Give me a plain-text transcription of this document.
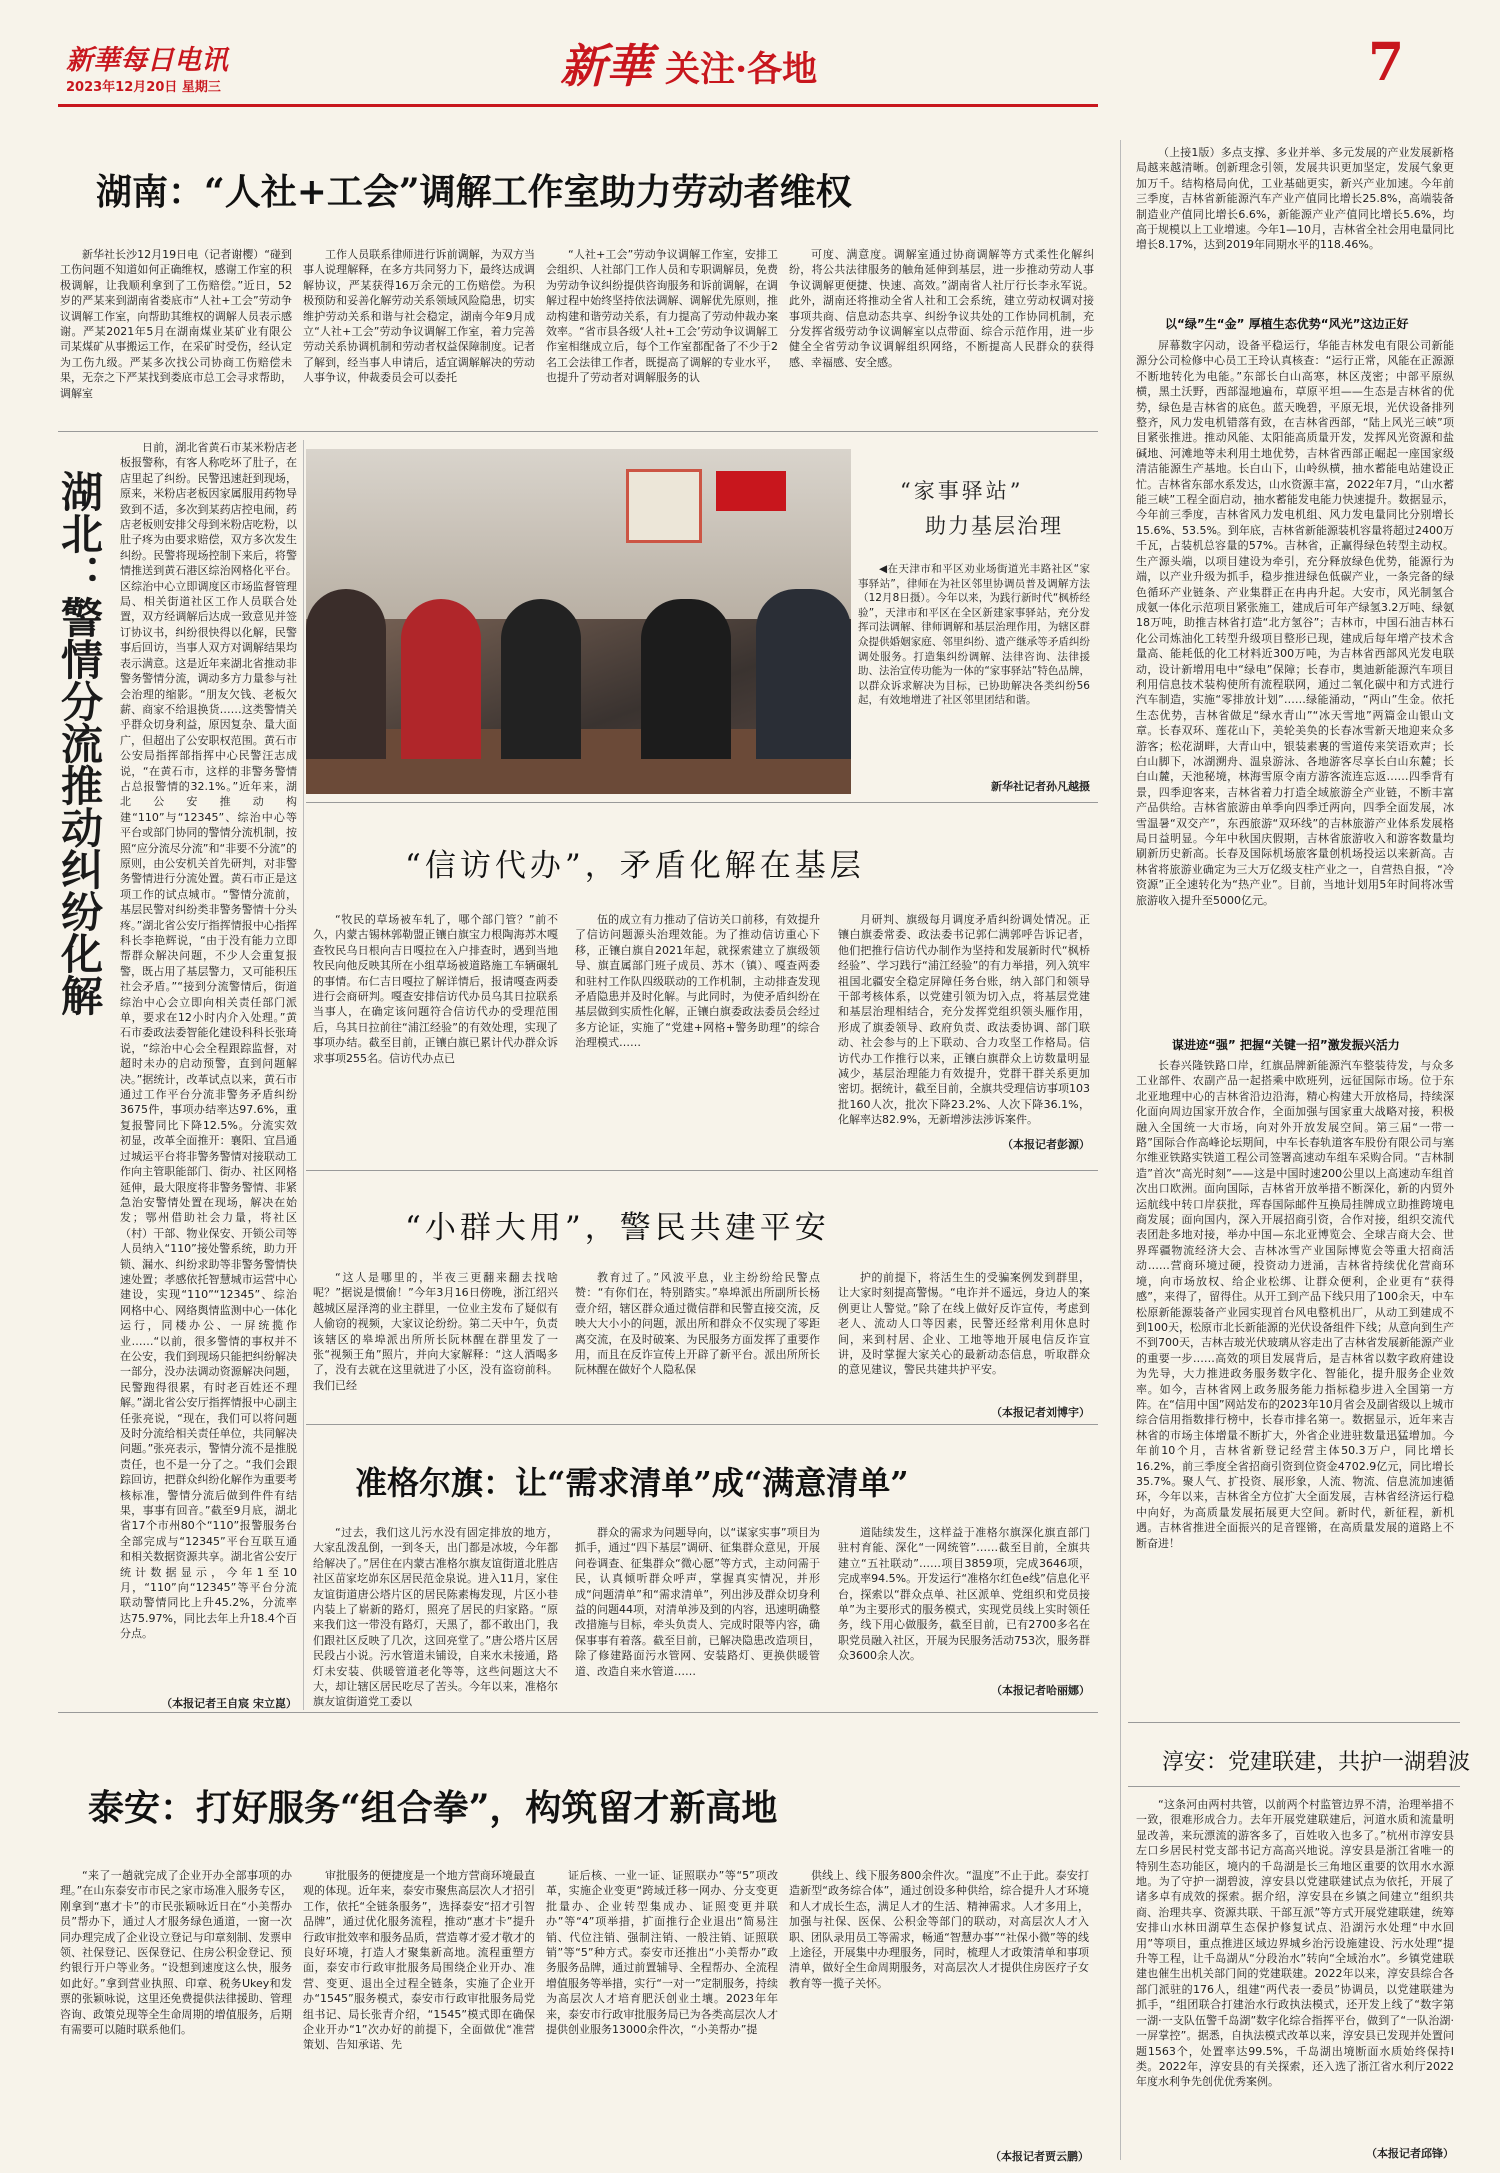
新華每日电讯
2023年12月20日 星期三	新華 关注·各地	7
湖南：“人社+工会”调解工作室助力劳动者维权

新华社长沙12月19日电（记者谢樱）“碰到工伤问题不知道如何正确维权，感谢工作室的积极调解，让我顺利拿到了工伤赔偿。”近日，52岁的严某来到湖南省娄底市“人社+工会”劳动争议调解工作室，向帮助其维权的调解人员表示感谢。严某2021年5月在湖南煤业某矿业有限公司某煤矿从事搬运工作，在采矿时受伤，经认定为工伤九级。严某多次找公司协商工伤赔偿未果，无奈之下严某找到娄底市总工会寻求帮助，调解室

工作人员联系律师进行诉前调解，为双方当事人说理解释，在多方共同努力下，最终达成调解协议，严某获得16万余元的工伤赔偿。为积极预防和妥善化解劳动关系领域风险隐患，切实维护劳动关系和谐与社会稳定，湖南今年9月成立“人社+工会”劳动争议调解工作室，着力完善劳动关系协调机制和劳动者权益保障制度。记者了解到，经当事人申请后，适宜调解解决的劳动人事争议，仲裁委员会可以委托

“人社+工会”劳动争议调解工作室，安排工会组织、人社部门工作人员和专职调解员，免费为劳动争议纠纷提供咨询服务和诉前调解，在调解过程中始终坚持依法调解、调解优先原则，推动构建和谐劳动关系，有力提高了劳动仲裁办案效率。“省市县各级‘人社+工会’劳动争议调解工作室相继成立后，每个工作室都配备了不少于2名工会法律工作者，既提高了调解的专业水平，也提升了劳动者对调解服务的认

可度、满意度。调解室通过协商调解等方式柔性化解纠纷，将公共法律服务的触角延伸到基层，进一步推动劳动人事争议调解更便捷、快速、高效。”湖南省人社厅行长李永军说。此外，湖南还将推动全省人社和工会系统，建立劳动权调对接事项共商、信息动态共享、纠纷争议共处的工作协同机制，充分发挥省级劳动争议调解室以点带面、综合示范作用，进一步健全全省劳动争议调解组织网络，不断提高人民群众的获得感、幸福感、安全感。

湖北：警情分流推动纠纷化解

日前，湖北省黄石市某米粉店老板报警称，有客人称吃坏了肚子，在店里起了纠纷。民警迅速赶到现场，原来，米粉店老板因家属服用药物导致到不适，多次到某药店控电闹，药店老板则安排父母到米粉店吃粉，以肚子疼为由要求赔偿，双方多次发生纠纷。民警将现场控制下来后，将警情推送到黄石港区综治网格化平台。区综治中心立即调度区市场监督管理局、相关街道社区工作人员联合处置，双方经调解后达成一致意见并签订协议书，纠纷很快得以化解，民警事后回访，当事人双方对调解结果均表示满意。这是近年来湖北省推动非警务警情分流，调动多方力量参与社会治理的缩影。“朋友欠钱、老板欠薪、商家不给退换货……这类警情关乎群众切身利益，原因复杂、量大面广，但超出了公安职权范围。黄石市公安局指挥部指挥中心民警汪志成说，“在黄石市，这样的非警务警情占总报警情的32.1%。”近年来，湖北公安推动构建“110”与“12345”、综治中心等平台或部门协同的警情分流机制，按照“应分流尽分流”和“非要不分流”的原则，由公安机关首先研判，对非警务警情进行分流处置。黄石市正是这项工作的试点城市。“警情分流前，基层民警对纠纷类非警务警情十分头疼。”湖北省公安厅指挥情报中心指挥科长李艳辉说，“由于没有能力立即帮群众解决问题，不少人会重复报警，既占用了基层警力，又可能积压社会矛盾。”“接到分流警情后，街道综治中心会立即向相关责任部门派单，要求在12小时内介入处理。”黄石市委政法委智能化建设科科长张琦说，“综治中心会全程跟踪监督，对超时未办的启动预警，直到问题解决。”据统计，改革试点以来，黄石市通过工作平台分流非警务矛盾纠纷3675件，事项办结率达97.6%，重复报警同比下降12.5%。分流实效初显，改革全面推开：襄阳、宜昌通过城运平台将非警务警情对接联动工作向主管职能部门、街办、社区网格延伸，最大限度将非警务警情、非紧急治安警情处置在现场，解决在始发；鄂州借助社会力量，将社区（村）干部、物业保安、开锁公司等人员纳入“110”接处警系统，助力开锁、漏水、纠纷求助等非警务警情快速处置；孝感依托智慧城市运营中心建设，实现“110”“12345”、综治网格中心、网络舆情监测中心一体化运行，同楼办公、一屏统揽作业……“以前，很多警情的事权并不在公安，我们到现场只能把纠纷解决一部分，没办法调动资源解决问题，民警跑得很累，有时老百姓还不理解。”湖北省公安厅指挥情报中心副主任张亮说，“现在，我们可以将问题及时分流给相关责任单位，共同解决问题。”张亮表示，警情分流不是推脱责任，也不是一分了之。“我们会跟踪回访，把群众纠纷化解作为重要考核标准，警情分流后做到件件有结果，事事有回音。”截至9月底，湖北省17个市州80个“110”报警服务台全部完成与“12345”平台互联互通和相关数据资源共享。湖北省公安厅统计数据显示，今年1至10月，“110”向“12345”等平台分流联动警情同比上升45.2%，分流率达75.97%，同比去年上升18.4个百分点。

（本报记者王自宸 宋立崑）
“家事驿站”
助力基层治理

◀在天津市和平区劝业场街道光丰路社区“家事驿站”，律师在为社区邻里协调员普及调解方法（12月8日摄）。今年以来，为践行新时代“枫桥经验”，天津市和平区在全区新建家事驿站，充分发挥司法调解、律师调解和基层治理作用，为辖区群众提供婚姻家庭、邻里纠纷、遗产继承等矛盾纠纷调处服务。打造集纠纷调解、法律咨询、法律援助、法治宣传功能为一体的“家事驿站”特色品牌，以群众诉求解决为目标，已协助解决各类纠纷56起，有效地增进了社区邻里团结和谐。

新华社记者孙凡越摄
“信访代办”，矛盾化解在基层

“牧民的草场被车轧了，哪个部门管？”前不久，内蒙古锡林郭勒盟正镶白旗宝力根陶海苏木嘎查牧民乌日根向吉日嘎拉在入户排查时，遇到当地牧民向他反映其所在小组草场被道路施工车辆碾轧的事情。布仁吉日嘎拉了解详情后，报请嘎查两委进行会商研判。嘎查安排信访代办员乌其日拉联系当事人，在确定该问题符合信访代办的受理范围后，乌其日拉前往“浦江经验”的有效处理，实现了事项办结。截至目前，正镶白旗已累计代办群众诉求事项255名。信访代办点已

伍的成立有力推动了信访关口前移，有效提升了信访问题源头治理效能。为了推动信访重心下移，正镶白旗自2021年起，就探索建立了旗级领导、旗直属部门班子成员、苏木（镇）、嘎查两委和驻村工作队四级联动的工作机制，主动排查发现矛盾隐患并及时化解。与此同时，为使矛盾纠纷在基层做到实质性化解，正镶白旗委政法委员会经过多方论证，实施了“党建+网格+警务助理”的综合治理模式……

月研判、旗级每月调度矛盾纠纷调处情况。正镶白旗委常委、政法委书记郭仁满郭呼告诉记者，他们把推行信访代办制作为坚持和发展新时代“枫桥经验”、学习践行“浦江经验”的有力举措，列入筑牢祖国北疆安全稳定屏障任务台账，纳入部门和领导干部考核体系，以党建引领为切入点，将基层党建和基层治理相结合，充分发挥党组织领头雁作用，形成了旗委领导、政府负责、政法委协调、部门联动、社会参与的上下联动、合力攻坚工作格局。信访代办工作推行以来，正镶白旗群众上访数量明显减少，基层治理能力有效提升，党群干群关系更加密切。据统计，截至目前，全旗共受理信访事项103批160人次，批次下降23.2%、人次下降36.1%，化解率达82.9%，无新增涉法涉诉案件。

（本报记者彭源）
“小群大用”，警民共建平安

“这人是哪里的，半夜三更翻来翻去找啥呢？”据说是惯偷！”今年3月16日傍晚，浙江绍兴越城区屋泽湾的业主群里，一位业主发布了疑似有人偷窃的视频，大家议论纷纷。第二天中午，负责该辖区的皋埠派出所所长阮林醒在群里发了一张“视频王角”照片，并向大家解释：“这人酒喝多了，没有去就在这里就进了小区，没有盗窃前科。我们已经

教育过了。”风波平息，业主纷纷给民警点赞：“有你们在，特别踏实。”皋埠派出所副所长杨壹介绍，辖区群众通过微信群和民警直接交流，反映大大小小的问题，派出所和群众不仅实现了零距离交流，在及时破案、为民服务方面发挥了重要作用，而且在反诈宣传上开辟了新平台。派出所所长阮林醒在做好个人隐私保

护的前提下，将活生生的受骗案例发到群里，让大家时刻提高警惕。“电诈并不遥远，身边人的案例更让人警觉。”除了在线上做好反诈宣传，考虑到老人、流动人口等因素，民警还经常利用休息时间，来到村居、企业、工地等地开展电信反诈宣讲，及时掌握大家关心的最新动态信息，听取群众的意见建议，警民共建共护平安。

（本报记者刘博宇）
准格尔旗：让“需求清单”成“满意清单”

“过去，我们这儿污水没有固定排放的地方，大家乱泼乱倒，一到冬天，出门都是冰坡，今年都给解决了。”居住在内蒙古准格尔旗友谊街道北胜店社区苗家圪峁东区居民范金泉说。进入11月，家住友谊街道唐公塔片区的居民陈素梅发现，片区小巷内装上了崭新的路灯，照亮了居民的归家路。“原来我们这一带没有路灯，天黑了，都不敢出门，我们跟社区反映了几次，这回亮堂了。”唐公塔片区居民段占小说。污水管道未铺设，自来水未接通，路灯未安装、供暖管道老化等等，这些问题这大不大，却让辖区居民吃尽了苦头。今年以来，准格尔旗友谊街道党工委以

群众的需求为问题导向，以“谋家实事”项目为抓手，通过“四下基层”调研、征集群众意见，开展问卷调查、征集群众“微心愿”等方式，主动问需于民，认真倾听群众呼声，掌握真实情况，并形成“问题清单”和“需求清单”，列出涉及群众切身利益的问题44项，对清单涉及到的内容，迅速明确整改措施与目标，牵头负责人、完成时限等内容，确保事事有着落。截至目前，已解决隐患改造项目，除了修建路面污水管网、安装路灯、更换供暖管道、改造自来水管道……

道陆续发生，这样益于准格尔旗深化旗直部门驻村育能、深化“一网统管”……截至目前，全旗共建立“五社联动”……项目3859项，完成3646项，完成率94.5%。开发运行“准格尔红色e线”信息化平台，探索以“群众点单、社区派单、党组织和党员接单”为主要形式的服务模式，实现党员线上实时领任务，线下用心做服务，截至目前，已有2700多名在职党员融入社区，开展为民服务活动753次，服务群众3600余人次。

（本报记者哈丽娜）
泰安：打好服务“组合拳”，构筑留才新高地

“来了一趟就完成了企业开办全部事项的办理。”在山东泰安市市民之家市场准入服务专区，刚拿到“惠才卡”的市民张颖咏近日在“小美帮办员”帮办下，通过人才服务绿色通道，一窗一次同办理完成了企业设立登记与印章刻制、发票申领、社保登记、医保登记、住房公积金登记、预约银行开户等业务。“设想到速度这么快，服务如此好。”拿到营业执照、印章、税务Ukey和发票的张颖咏说，这里还免费提供法律援助、管理咨询、政策兑现等全生命周期的增值服务，后期有需要可以随时联系他们。

审批服务的便捷度是一个地方营商环境最直观的体现。近年来，泰安市聚焦高层次人才招引工作，依托“全链条服务”，选择泰安“招才引智品牌”，通过优化服务流程，推动“惠才卡”提升行政审批效率和服务品质，营造尊才爱才敬才的良好环境，打造人才聚集新高地。流程重塑方面，泰安市行政审批服务局围绕企业开办、准营、变更、退出全过程全链条，实施了企业开办“1545”服务模式，泰安市行政审批服务局党组书记、局长张青介绍，“1545”模式即在确保企业开办“1”次办好的前提下，全面做优“准营策划、告知承诺、先

证后核、一业一证、证照联办”等“5”项改革，实施企业变更“跨域迁移一网办、分支变更批量办、企业转型集成办、证照变更并联办”等“4”项举措，扩面推行企业退出“简易注销、代位注销、强制注销、一般注销、证照联销”等“5”种方式。泰安市还推出“小美帮办”政务服务品牌，通过前置辅导、全程帮办、全流程增值服务等举措，实行“一对一”定制服务，持续为高层次人才培育肥沃创业土壤。2023年年来，泰安市行政审批服务局已为各类高层次人才提供创业服务13000余件次，“小美帮办”提

供线上、线下服务800余件次。“温度”不止于此。泰安打造新型“政务综合体”，通过创设多种供给，综合提升人才环境和人才成长生态，满足人才的生活、精神需求。人才多用上，加强与社保、医保、公积金等部门的联动，对高层次人才入职、团队录用员工等需求，畅通“智慧办事”“社保小微”等的线上途径，开展集中办理服务，同时，梳理人才政策清单和事项清单，做好全生命周期服务，对高层次人才提供住房医疗子女教育等一揽子关怀。

（本报记者贾云鹏）

（上接1版）多点支撑、多业并举、多元发展的产业发展新格局越来越清晰。创新理念引领，发展共识更加坚定，发展气象更加万千。结构格局向优，工业基础更实，新兴产业加速。今年前三季度，吉林省新能源汽车产业产值同比增长25.8%，高端装备制造业产值同比增长6.6%，新能源产业产值同比增长5.6%，均高于规模以上工业增速。今年1—10月，吉林省全社会用电量同比增长8.17%，达到2019年同期水平的118.46%。

以“绿”生“金” 厚植生态优势“风光”这边正好

屏幕数字闪动，设备平稳运行，华能吉林发电有限公司新能源分公司检修中心员工王玲认真核查：“运行正常，风能在正源源不断地转化为电能。”东部长白山高寒，林区茂密；中部平原纵横，黑土沃野，西部湿地遍布，草原平坦——生态是吉林省的优势，绿色是吉林省的底色。蓝天晚碧，平原无垠，光伏设备排列整齐，风力发电机错落有致，在吉林省西部，“陆上风光三峡”项目紧张推进。推动风能、太阳能高质量开发，发挥风光资源和盐碱地、河滩地等未利用土地优势，吉林省西部正崛起一座国家级清洁能源生产基地。长白山下，山岭纵横，抽水蓄能电站建设正忙。吉林省东部水系发达，山水资源丰富，2022年7月，“山水蓄能三峡”工程全面启动，抽水蓄能发电能力快速提升。数据显示，今年前三季度，吉林省风力发电机组、风力发电量同比分别增长15.6%、53.5%。到年底，吉林省新能源装机容量将超过2400万千瓦，占装机总容量的57%。吉林省，正赢得绿色转型主动权。生产源头端，以项目建设为牵引，充分释放绿色优势，能源行为端，以产业升级为抓手，稳步推进绿色低碳产业，一条完备的绿色循环产业链条、产业集群正在冉冉升起。大安市，风光制氢合成氨一体化示范项目紧张施工，建成后可年产绿氢3.2万吨、绿氨18万吨，助推吉林省打造“北方氢谷”；吉林市，中国石油吉林石化公司炼油化工转型升级项目整形已现，建成后每年增产技术含量高、能耗低的化工材料近300万吨，为吉林省西部风光发电联动，设计新增用电中“绿电”保障；长春市，奥迪新能源汽车项目利用信息技术装构使所有流程联网，通过二氧化碳中和方式进行汽车制造，实施“零排放计划”……绿能涌动，“两山”生金。依托生态优势，吉林省做足“绿水青山”“冰天雪地”两篇金山银山文章。长春双环、莲花山下，美轮美奂的长春冰雪新天地迎来众多游客；松花湖畔，大青山中，银装素裹的雪道传来笑语欢声；长白山脚下，冰湖溯舟、温泉游泳、各地游客尽享长白山东麓；长白山麓，天池秘境，林海雪原令南方游客流连忘返……四季背有景，四季迎客来，吉林省着力打造全域旅游全产业链，不断丰富产品供给。吉林省旅游由单季向四季迁两向，四季全面发展，冰雪温暑“双交产”，东西旅游“双环线”的吉林旅游产业体系发展格局日益明显。今年中秋国庆假期，吉林省旅游收入和游客数量均刷新历史新高。长春及国际机场旅客量创机场投运以来新高。吉林省将旅游业确定为三大万亿级支柱产业之一，自营热自报，“冷资源”正全速转化为“热产业”。目前，当地计划用5年时间将冰雪旅游收入提升至5000亿元。

谋进迹“强” 把握“关键一招”激发振兴活力

长春兴隆铁路口岸，红旗品牌新能源汽车整装待发，与众多工业部件、农副产品一起搭乘中欧班列，远征国际市场。位于东北亚地理中心的吉林省沿边沿海，精心构建大开放格局，持续深化面向周边国家开放合作，全面加强与国家重大战略对接，积极融入全国统一大市场，向对外开放发展空间。第三届“一带一路”国际合作高峰论坛期间，中车长春轨道客车股份有限公司与塞尔维亚铁路实铁道工程公司签署高速动车组车采购合同。“吉林制造”首次“高光时刻”——这是中国时速200公里以上高速动车组首次出口欧洲。面向国际，吉林省开放举措不断深化，新的内贸外运航线中转口岸获批，珲春国际邮件互换局挂牌成立助推跨境电商发展；面向国内，深入开展招商引资，合作对接，组织交流代表团赴多地对接，举办中国—东北亚博览会、全球吉商大会、世界珲疆物流经济大会、吉林冰雪产业国际博览会等重大招商活动……营商环境过硬，投资动力迸涌，吉林省持续优化营商环境，向市场放权、给企业松绑、让群众便利，企业更有“获得感”，来得了，留得住。从开工到产品下线只用了100余天，中车松原新能源装备产业园实现首台风电整机出厂，从动工到建成不到100天，松原市北长新能源的光伏设备组件下线；从意向到生产不到700天，吉林吉玻光伏玻璃从容走出了吉林省发展新能源产业的重要一步……高效的项目发展背后，是吉林省以数字政府建设为先导，大力推进政务服务数字化、智能化，提升服务企业效率。如今，吉林省网上政务服务能力指标稳步进入全国第一方阵。在“信用中国”网站发布的2023年10月省会及副省级以上城市综合信用指数排行榜中，长春市排名第一。数据显示，近年来吉林省的市场主体增量不断扩大，外省企业进驻数量迅猛增加。今年前10个月，吉林省新登记经营主体50.3万户，同比增长16.2%，前三季度全省招商引资到位资金4702.9亿元，同比增长35.7%。聚人气、扩投资、展形象，人流、物流、信息流加速循环，今年以来，吉林省全方位扩大全面发展，吉林省经济运行稳中向好，为高质量发展拓展更大空间。新时代，新征程，新机遇。吉林省推进全面振兴的足音铿锵，在高质量发展的道路上不断奋进！

淳安：党建联建，共护一湖碧波

“这条河由两村共管，以前两个村监管边界不清，治理举措不一致，很难形成合力。去年开展党建联建后，河道水质和流量明显改善，来玩漂流的游客多了，百姓收入也多了。”杭州市淳安县左口乡居民村党支部书记方高高兴地说。淳安县是浙江省唯一的特别生态功能区，境内的千岛湖是长三角地区重要的饮用水水源地。为了守护一湖碧波，淳安县以党建联建试点为依托，开展了诸多卓有成效的探索。据介绍，淳安县在乡镇之间建立“组织共商、治理共享、资源共联、干部互派”等方式开展党建联建，统筹安排山水林田湖草生态保护修复试点、沿湖污水处理“中水回用”等项目，重点推进区域边界城乡治污设施建设、污水处理“提升等工程，让千岛湖从“分段治水”转向“全域治水”。乡镇党建联建也催生出机关部门间的党建联建。2022年以来，淳安县综合各部门派驻的176人，组建“两代表一委员”协调员，以党建联建为抓手，“组团联合打建治水行政执法模式，还开发上线了“数字第一湖·一支队伍警千岛湖”数字化综合指挥平台，做到了“一队治湖·一屏掌控”。据悉，自执法模式改革以来，淳安县已发现并处置问题1563个，处置率达99.5%，千岛湖出境断面水质始终保持Ⅰ类。2022年，淳安县的有关探索，还入选了浙江省水利厅2022年度水利争先创优优秀案例。

（本报记者邱锋）
